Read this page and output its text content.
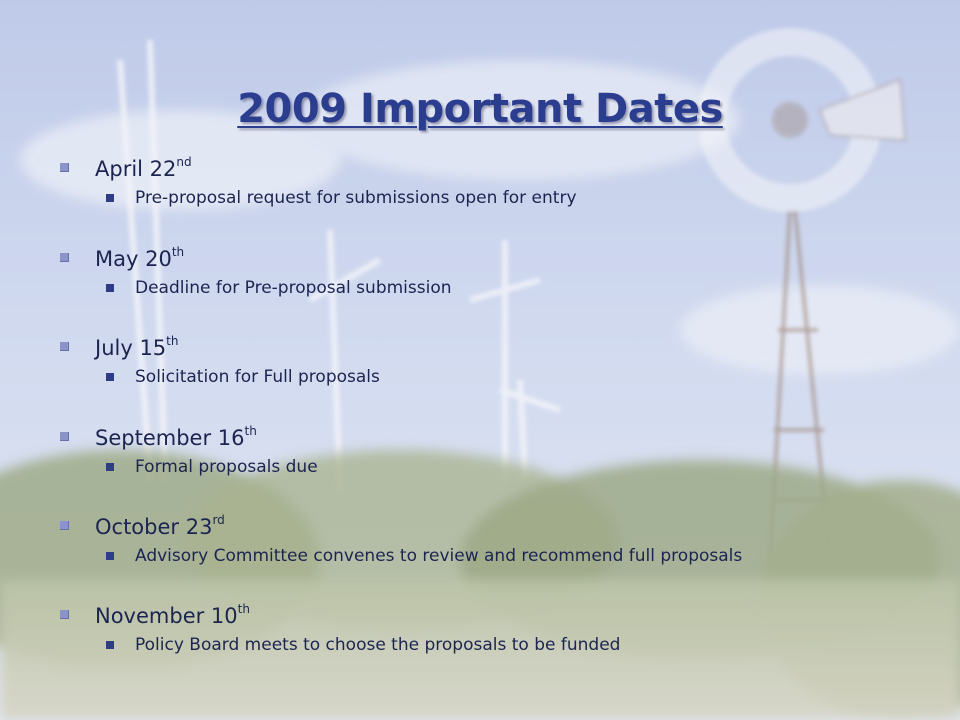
2009 Important Dates
April 22nd
Pre-proposal request for submissions open for entry
May 20th
Deadline for Pre-proposal submission
July 15th
Solicitation for Full proposals
September 16th
Formal proposals due
October 23rd
Advisory Committee convenes to review and recommend full proposals
November 10th
Policy Board meets to choose the proposals to be funded
